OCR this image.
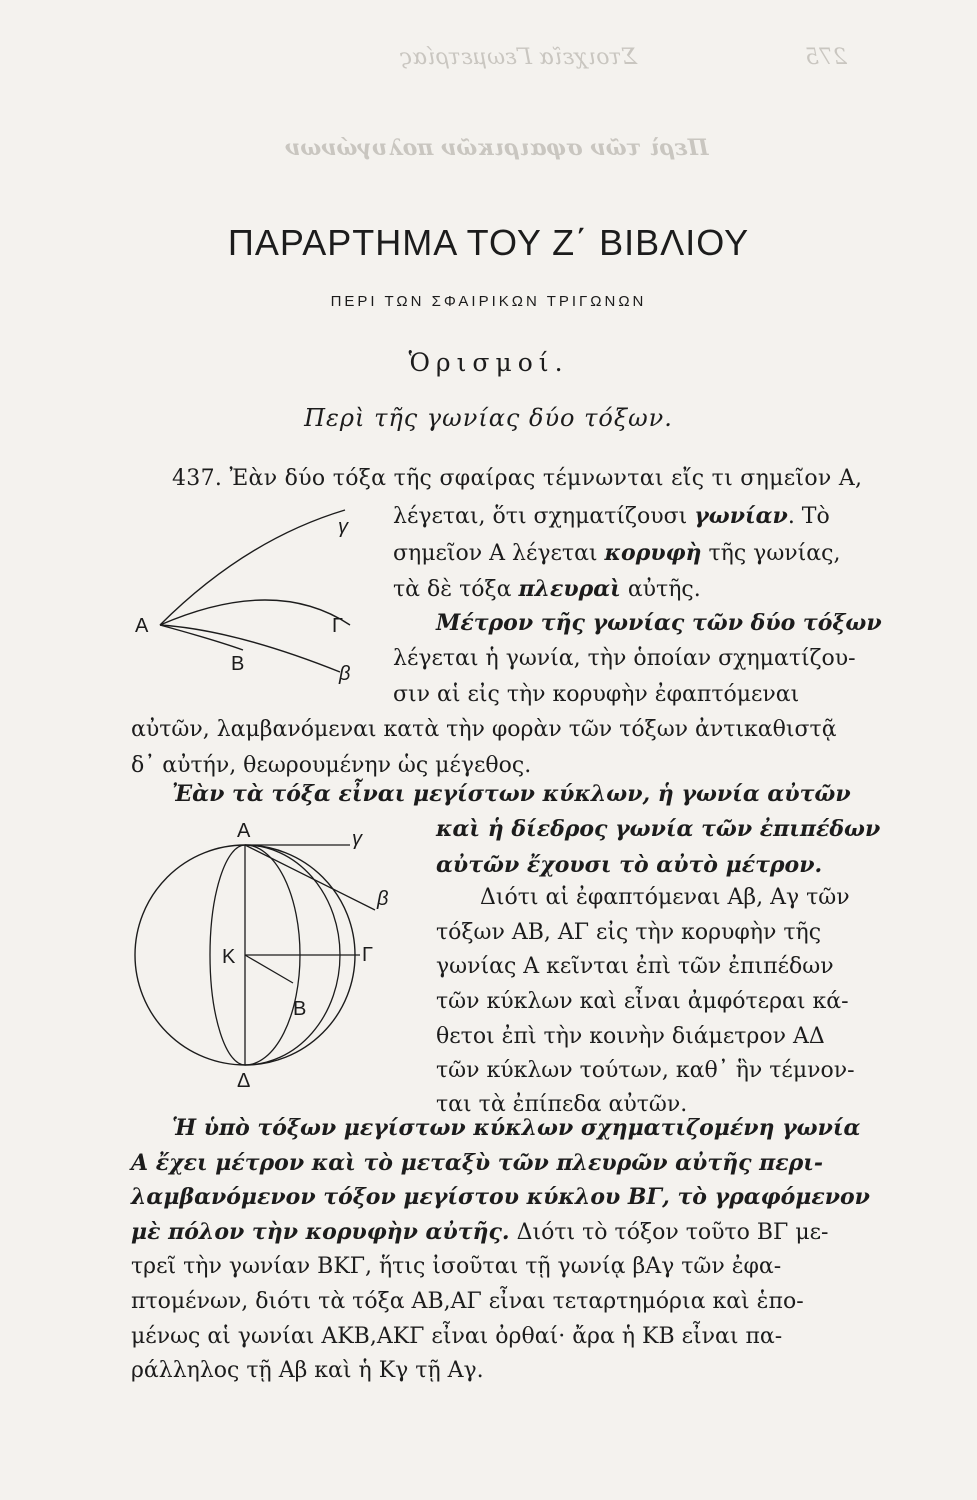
Στοιχεῖα Γεωμετρίας	275
Περὶ τῶν σφαιρικῶν πολυγώνων
ΠΑΡΑΡΤΗΜΑ ΤΟΥ Ζ΄ ΒΙΒΛΙΟΥ
ΠΕΡΙ ΤΩΝ ΣΦΑΙΡΙΚΩΝ ΤΡΙΓΩΝΩΝ
Ὁρισμοί.
Περὶ τῆς γωνίας δύο τόξων.
437. Ἐὰν δύο τόξα τῆς σφαίρας τέμνωνται εἴς τι σημεῖον Α,
λέγεται, ὅτι σχηματίζουσι γωνίαν. Τὸ
σημεῖον Α λέγεται κορυφὴ τῆς γωνίας,
τὰ δὲ τόξα πλευραὶ αὐτῆς.
Μέτρον τῆς γωνίας τῶν δύο τόξων
λέγεται ἡ γωνία, τὴν ὁποίαν σχηματίζου-
σιν αἱ εἰς τὴν κορυφὴν ἐφαπτόμεναι
αὐτῶν, λαμβανόμεναι κατὰ τὴν φορὰν τῶν τόξων ἀντικαθιστᾷ
δ᾽ αὐτήν, θεωρουμένην ὡς μέγεθος.
Α	Γ
Β
γ
β
Ἐὰν τὰ τόξα εἶναι μεγίστων κύκλων, ἡ γωνία αὐτῶν
καὶ ἡ δίεδρος γωνία τῶν ἐπιπέδων
αὐτῶν ἔχουσι τὸ αὐτὸ μέτρον.
Διότι αἱ ἐφαπτόμεναι Αβ, Αγ τῶν
τόξων ΑΒ, ΑΓ εἰς τὴν κορυφὴν τῆς
γωνίας Α κεῖνται ἐπὶ τῶν ἐπιπέδων
τῶν κύκλων καὶ εἶναι ἀμφότεραι κά-
θετοι ἐπὶ τὴν κοινὴν διάμετρον ΑΔ
τῶν κύκλων τούτων, καθ᾽ ἣν τέμνον-
ται τὰ ἐπίπεδα αὐτῶν.
Α
Κ	Γ
Β
Δ
γ
β
Ἡ ὑπὸ τόξων μεγίστων κύκλων σχηματιζομένη γωνία
Α ἔχει μέτρον καὶ τὸ μεταξὺ τῶν πλευρῶν αὐτῆς περι-
λαμβανόμενον τόξον μεγίστου κύκλου ΒΓ, τὸ γραφόμενον
μὲ πόλον τὴν κορυφὴν αὐτῆς. Διότι τὸ τόξον τοῦτο ΒΓ με-
τρεῖ τὴν γωνίαν ΒΚΓ, ἥτις ἰσοῦται τῇ γωνίᾳ βΑγ τῶν ἐφα-
πτομένων, διότι τὰ τόξα ΑΒ,ΑΓ εἶναι τεταρτημόρια καὶ ἑπο-
μένως αἱ γωνίαι ΑΚΒ,ΑΚΓ εἶναι ὀρθαί· ἄρα ἡ ΚΒ εἶναι πα-
ράλληλος τῇ Αβ καὶ ἡ Κγ τῇ Αγ.
